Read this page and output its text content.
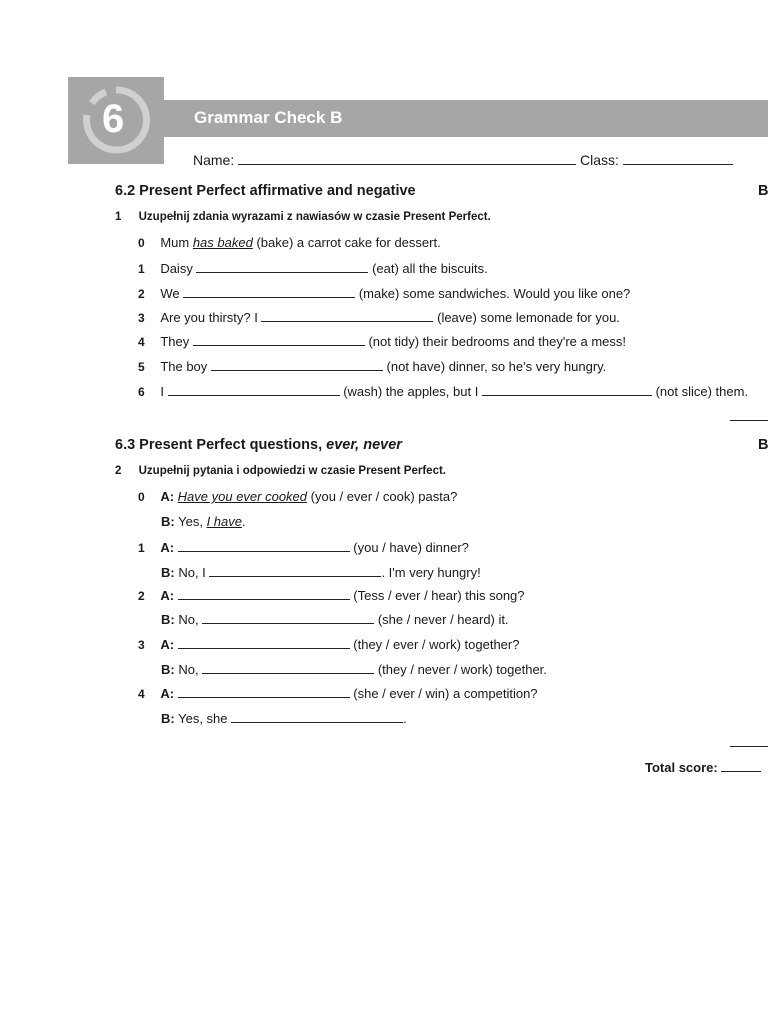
6	Grammar Check B
Name:	Class:
6.2 Present Perfect affirmative and negative	B
1 Uzupełnij zdania wyrazami z nawiasów w czasie Present Perfect.
0 Mum has baked (bake) a carrot cake for dessert.
1 Daisy	(eat) all the biscuits.
2 We	(make) some sandwiches. Would you like one?
3 Are you thirsty? I	(leave) some lemonade for you.
4 They	(not tidy) their bedrooms and they're a mess!
5 The boy	(not have) dinner, so he's very hungry.
6 I	(wash) the apples, but I	(not slice) them.
6.3 Present Perfect questions, ever, never	B
2 Uzupełnij pytania i odpowiedzi w czasie Present Perfect.
0 A: Have you ever cooked (you / ever / cook) pasta?
B: Yes, I have.
1 A:	(you / have) dinner?
B: No, I	. I'm very hungry!
2 A:	(Tess / ever / hear) this song?
B: No,	(she / never / heard) it.
3 A:	(they / ever / work) together?
B: No,	(they / never / work) together.
4 A:	(she / ever / win) a competition?
B: Yes, she	.
Total score:
